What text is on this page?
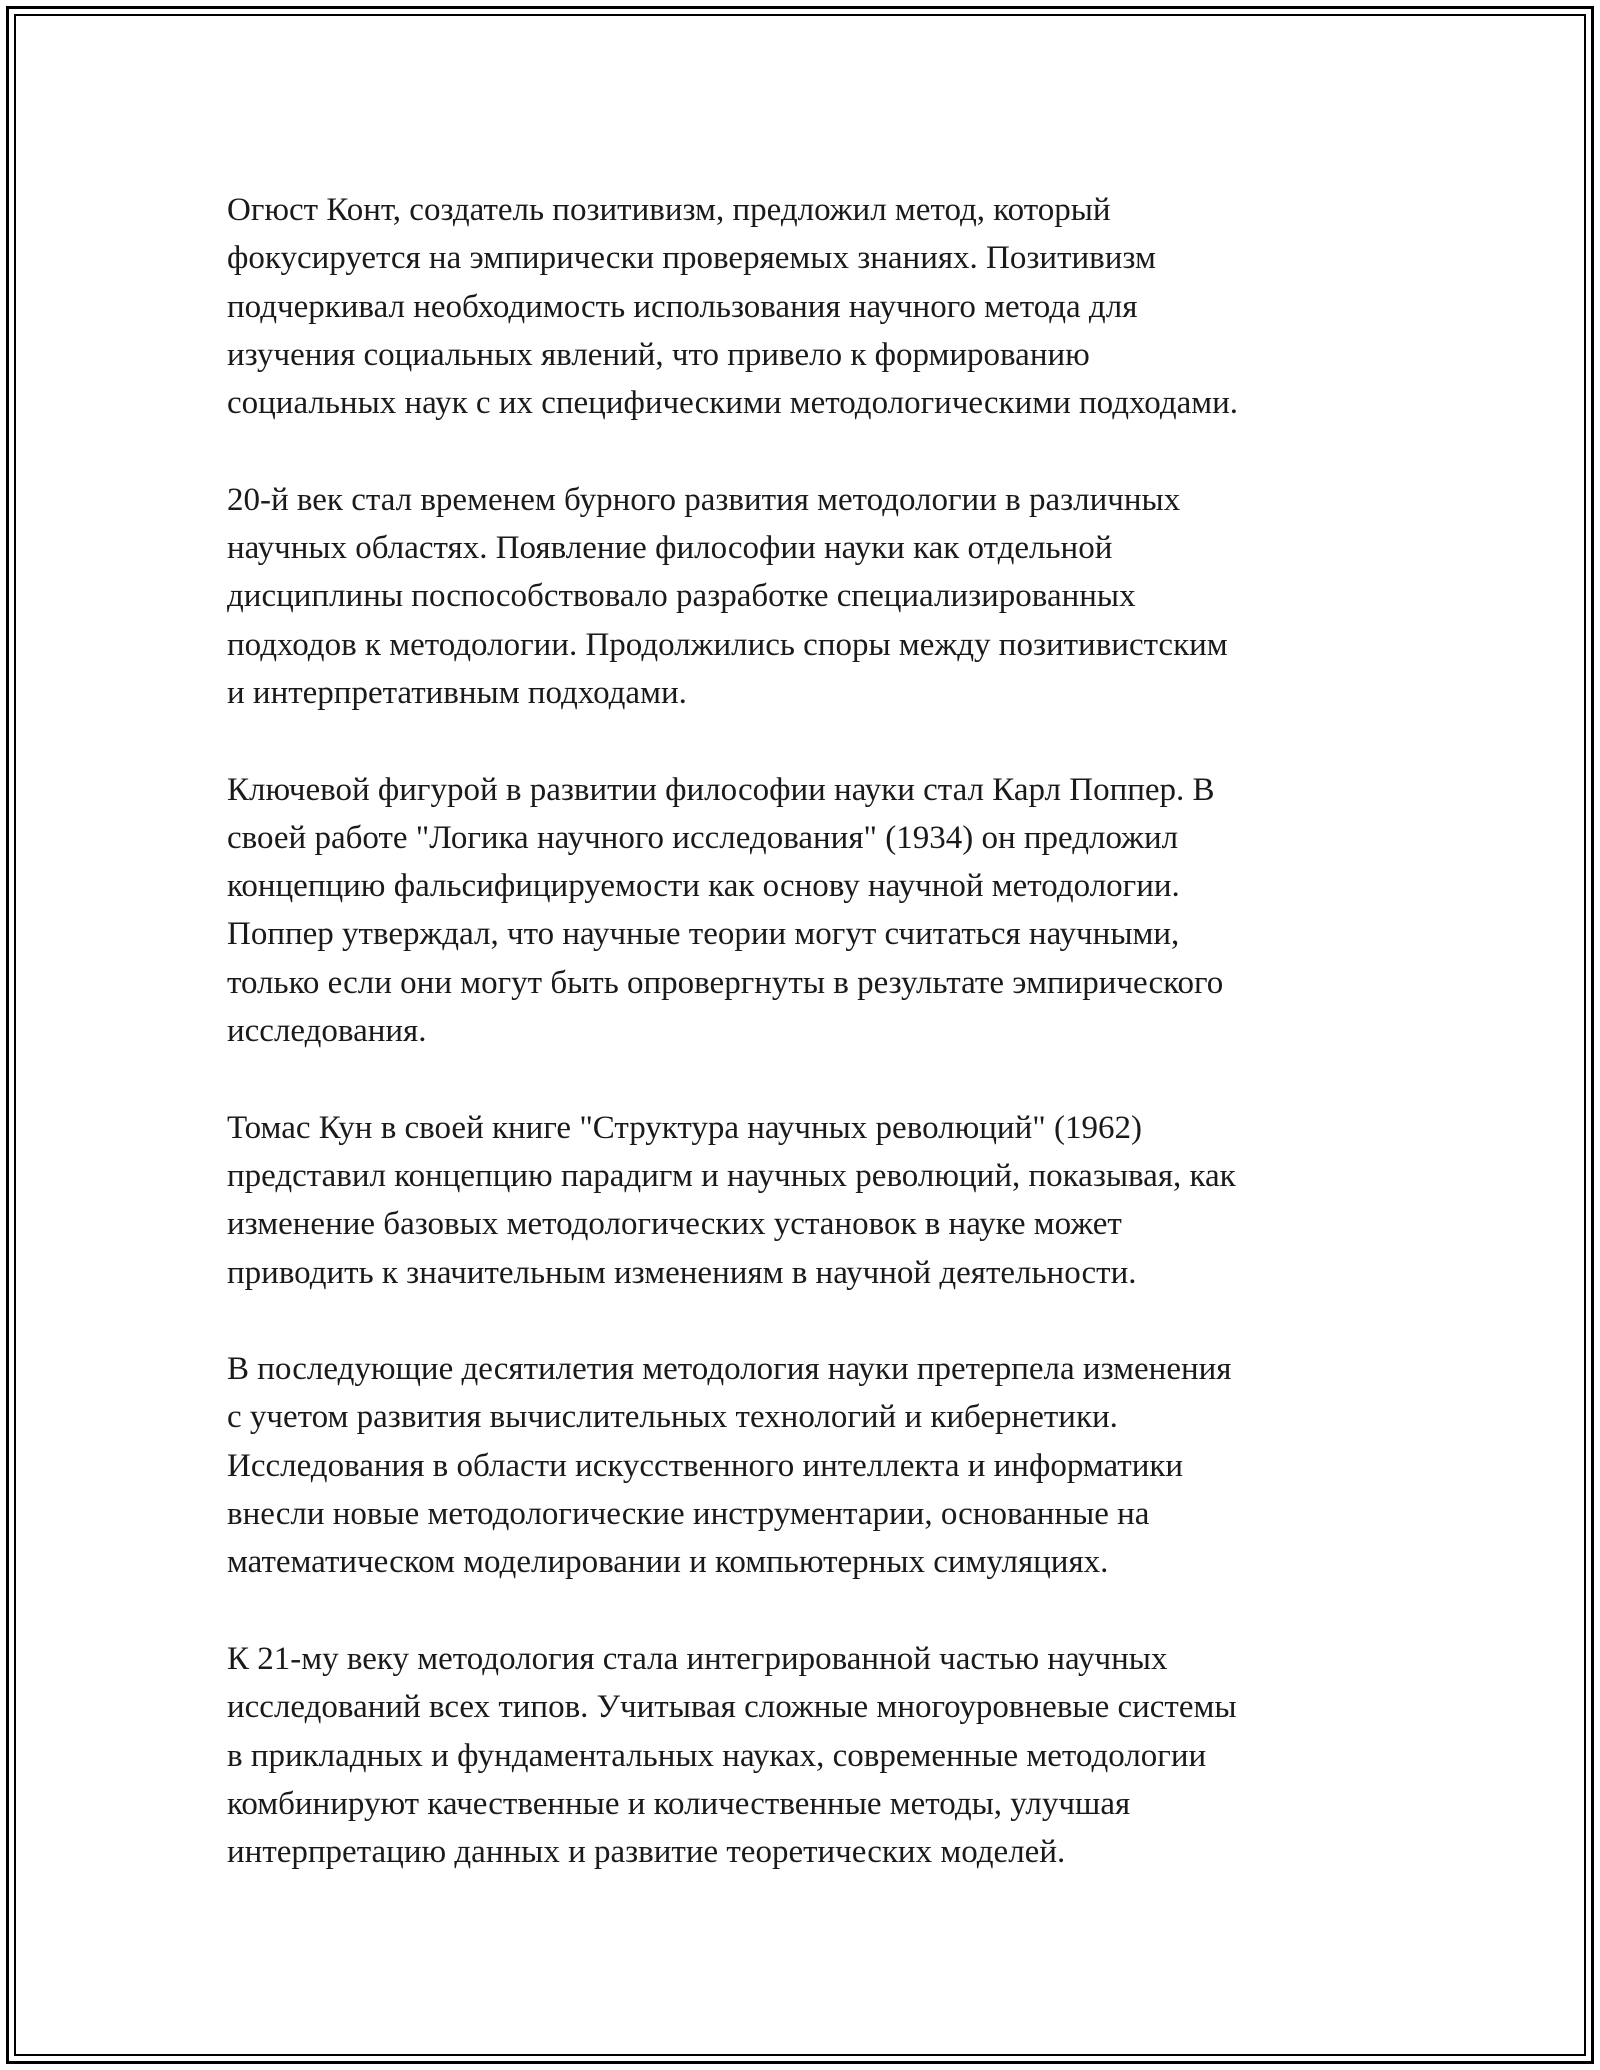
Огюст Конт, создатель позитивизм, предложил метод, который
фокусируется на эмпирически проверяемых знаниях. Позитивизм
подчеркивал необходимость использования научного метода для
изучения социальных явлений, что привело к формированию
социальных наук с их специфическими методологическими подходами.

20-й век стал временем бурного развития методологии в различных
научных областях. Появление философии науки как отдельной
дисциплины поспособствовало разработке специализированных
подходов к методологии. Продолжились споры между позитивистским
и интерпретативным подходами.

Ключевой фигурой в развитии философии науки стал Карл Поппер. В
своей работе "Логика научного исследования" (1934) он предложил
концепцию фальсифицируемости как основу научной методологии.
Поппер утверждал, что научные теории могут считаться научными,
только если они могут быть опровергнуты в результате эмпирического
исследования.

Томас Кун в своей книге "Структура научных революций" (1962)
представил концепцию парадигм и научных революций, показывая, как
изменение базовых методологических установок в науке может
приводить к значительным изменениям в научной деятельности.

В последующие десятилетия методология науки претерпела изменения
с учетом развития вычислительных технологий и кибернетики.
Исследования в области искусственного интеллекта и информатики
внесли новые методологические инструментарии, основанные на
математическом моделировании и компьютерных симуляциях.

К 21-му веку методология стала интегрированной частью научных
исследований всех типов. Учитывая сложные многоуровневые системы
в прикладных и фундаментальных науках, современные методологии
комбинируют качественные и количественные методы, улучшая
интерпретацию данных и развитие теоретических моделей.
